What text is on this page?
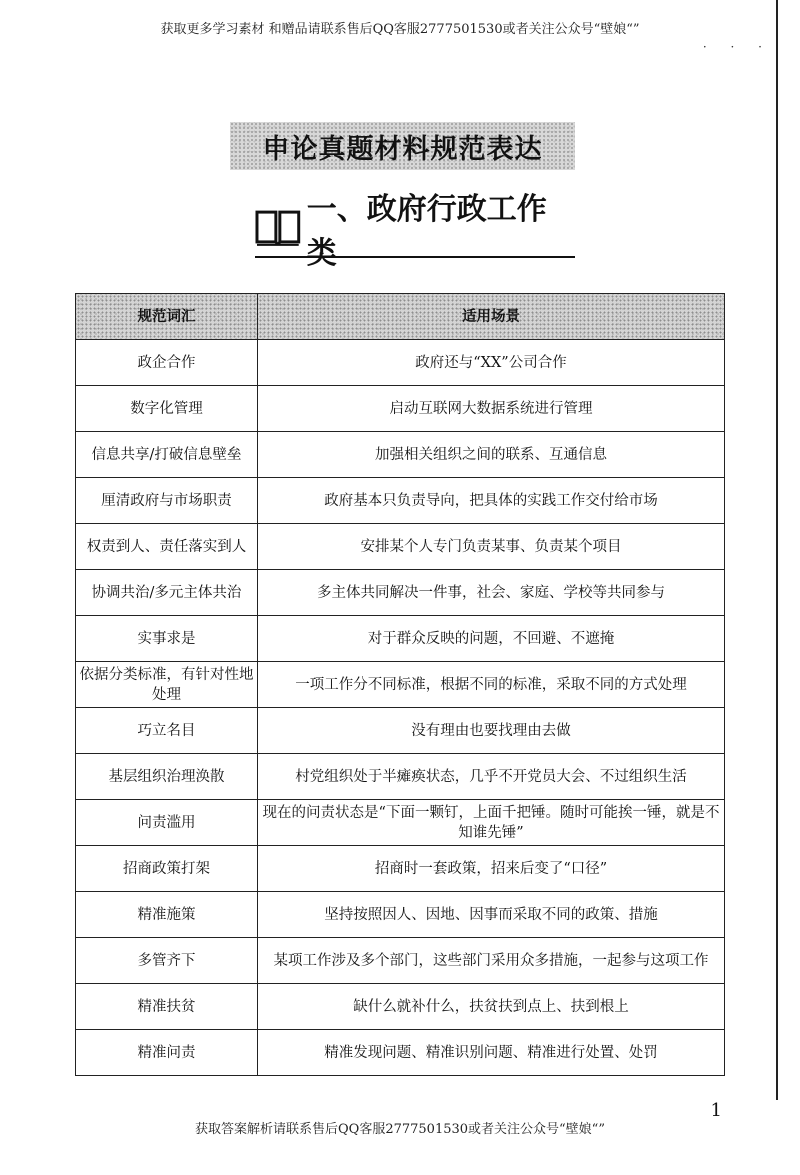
获取更多学习素材 和赠品请联系售后QQ客服2777501530或者关注公众号“壁娘“”
· · ·
申论真题材料规范表达
一、政府行政工作类
规范词汇	适用场景
政企合作	政府还与“XX”公司合作
数字化管理	启动互联网大数据系统进行管理
信息共享/打破信息壁垒	加强相关组织之间的联系、互通信息
厘清政府与市场职责	政府基本只负责导向，把具体的实践工作交付给市场
权责到人、责任落实到人	安排某个人专门负责某事、负责某个项目
协调共治/多元主体共治	多主体共同解决一件事，社会、家庭、学校等共同参与
实事求是	对于群众反映的问题，不回避、不遮掩
依据分类标准，有针对性地处理	一项工作分不同标准，根据不同的标准，采取不同的方式处理
巧立名目	没有理由也要找理由去做
基层组织治理涣散	村党组织处于半瘫痪状态，几乎不开党员大会、不过组织生活
问责滥用	现在的问责状态是“下面一颗钉，上面千把锤。随时可能挨一锤，就是不知谁先锤”
招商政策打架	招商时一套政策，招来后变了“口径”
精准施策	坚持按照因人、因地、因事而采取不同的政策、措施
多管齐下	某项工作涉及多个部门，这些部门采用众多措施，一起参与这项工作
精准扶贫	缺什么就补什么，扶贫扶到点上、扶到根上
精准问责	精准发现问题、精准识别问题、精准进行处置、处罚
1
获取答案解析请联系售后QQ客服2777501530或者关注公众号“壁娘“”
